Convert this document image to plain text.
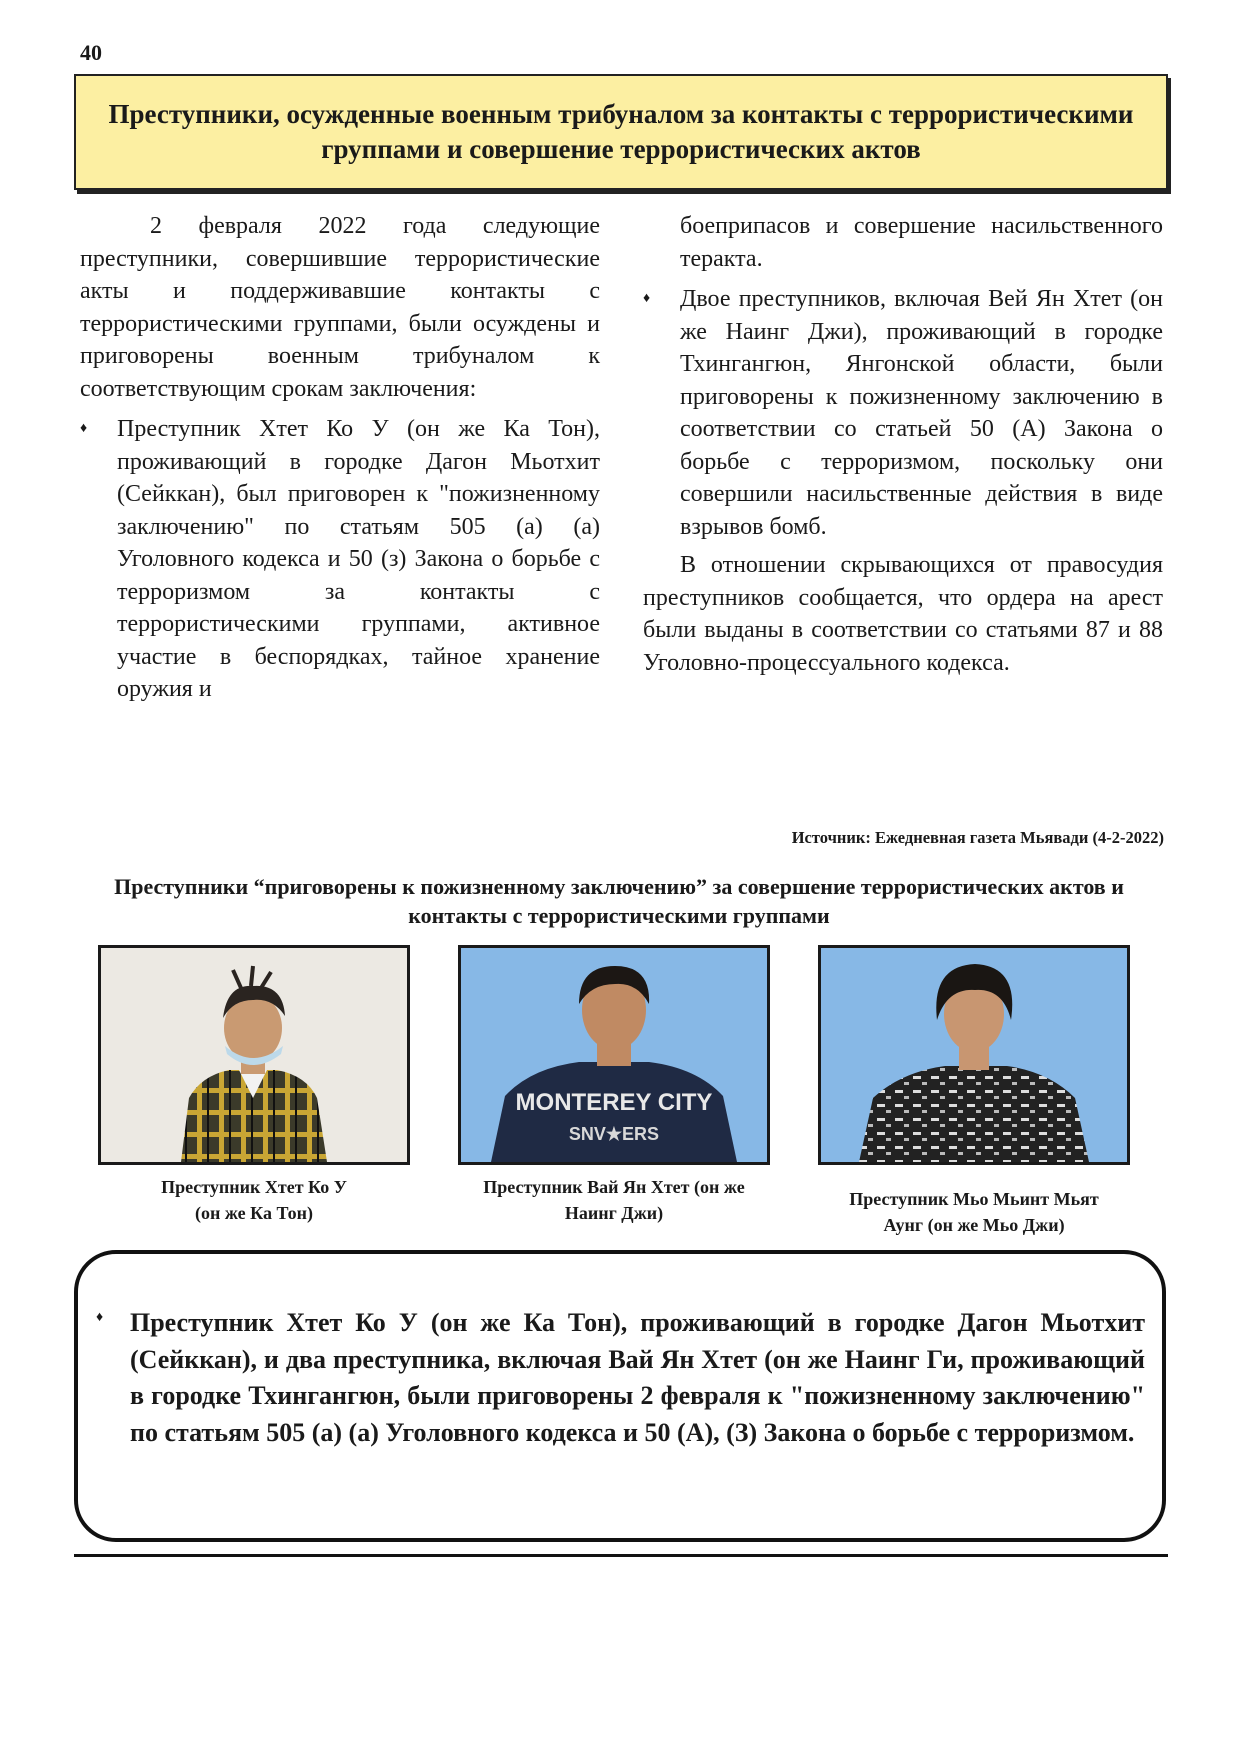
40
Преступники, осужденные военным трибуналом за контакты с террористическими группами и совершение террористических актов

2 февраля 2022 года следующие преступники, совершившие террористические акты и поддерживавшие контакты с террористическими группами, были осуждены и приговорены военным трибуналом к соответствующим срокам заключения:

♦ Преступник Хтет Ко У (он же Ка Тон), проживающий в городке Дагон Мьотхит (Сейккан), был приговорен к "пожизненному заключению" по статьям 505 (а) (а) Уголовного кодекса и 50 (з) Закона о борьбе с терроризмом за контакты с террористическими группами, активное участие в беспорядках, тайное хранение оружия и

боеприпасов и совершение насильственного теракта.

♦ Двое преступников, включая Вей Ян Хтет (он же Наинг Джи), проживающий в городке Тхингангюн, Янгонской области, были приговорены к пожизненному заключению в соответствии со статьей 50 (А) Закона о борьбе с терроризмом, поскольку они совершили насильственные действия в виде взрывов бомб.

В отношении скрывающихся от правосудия преступников сообщается, что ордера на арест были выданы в соответствии со статьями 87 и 88 Уголовно-процессуального кодекса.

Источник: Ежедневная газета Мьявади (4-2-2022)
Преступники “приговорены к пожизненному заключению” за совершение террористических актов и контакты с террористическими группами
MONTEREY CITY
SNV★ERS
Преступник Хтет Ко У
(он же Ка Тон)
Преступник Вай Ян Хтет (он же
Наинг Джи)
Преступник Мьо Мьинт Мьят
Аунг (он же Мьо Джи)
♦ Преступник Хтет Ко У (он же Ка Тон), проживающий в городке Дагон Мьотхит (Сейккан), и два преступника, включая Вай Ян Хтет (он же Наинг Ги, проживающий в городке Тхингангюн, были приговорены 2 февраля к "пожизненному заключению" по статьям 505 (а) (а) Уголовного кодекса и 50 (А), (З) Закона о борьбе с терроризмом.
